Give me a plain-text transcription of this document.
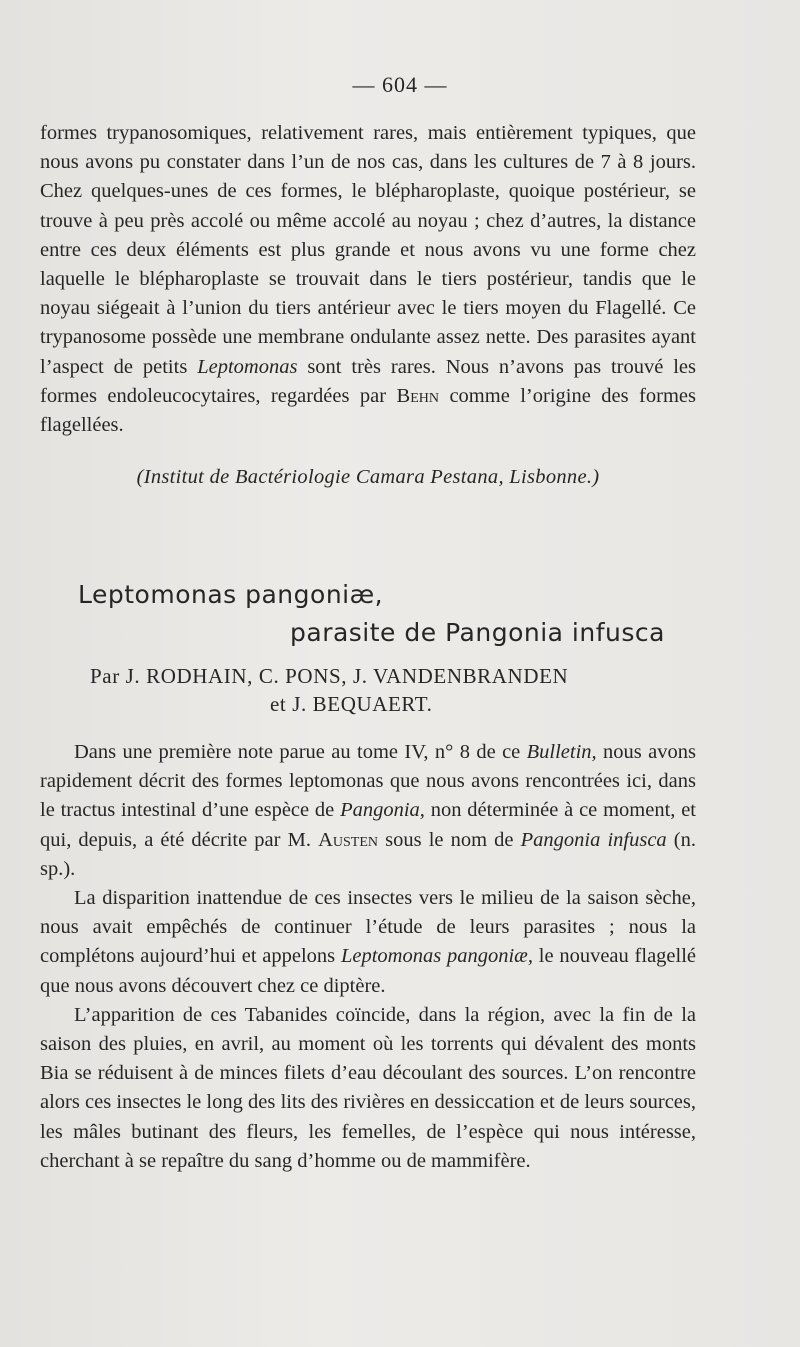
— 604 —

formes trypanosomiques, relativement rares, mais entièrement typiques, que nous avons pu constater dans l’un de nos cas, dans les cultures de 7 à 8 jours. Chez quelques-unes de ces formes, le blépharoplaste, quoique postérieur, se trouve à peu près accolé ou même accolé au noyau ; chez d’autres, la distance entre ces deux éléments est plus grande et nous avons vu une forme chez laquelle le blépharoplaste se trouvait dans le tiers postérieur, tandis que le noyau siégeait à l’union du tiers antérieur avec le tiers moyen du Flagellé. Ce trypanosome possède une membrane ondulante assez nette. Des parasites ayant l’aspect de petits Leptomonas sont très rares. Nous n’avons pas trouvé les formes endoleucocytaires, regardées par Behn comme l’origine des formes flagellées.

(Institut de Bactériologie Camara Pestana, Lisbonne.)
Leptomonas pangoniæ,
parasite de Pangonia infusca
Par J. RODHAIN, C. PONS, J. VANDENBRANDEN
et J. BEQUAERT.

Dans une première note parue au tome IV, n° 8 de ce Bulletin, nous avons rapidement décrit des formes leptomonas que nous avons rencontrées ici, dans le tractus intestinal d’une espèce de Pangonia, non déterminée à ce moment, et qui, depuis, a été décrite par M. Austen sous le nom de Pangonia infusca (n. sp.).

La disparition inattendue de ces insectes vers le milieu de la saison sèche, nous avait empêchés de continuer l’étude de leurs parasites ; nous la complétons aujourd’hui et appelons Leptomonas pangoniæ, le nouveau flagellé que nous avons découvert chez ce diptère.

L’apparition de ces Tabanides coïncide, dans la région, avec la fin de la saison des pluies, en avril, au moment où les torrents qui dévalent des monts Bia se réduisent à de minces filets d’eau découlant des sources. L’on rencontre alors ces insectes le long des lits des rivières en dessiccation et de leurs sources, les mâles butinant des fleurs, les femelles, de l’espèce qui nous intéresse, cherchant à se repaître du sang d’homme ou de mammifère.
